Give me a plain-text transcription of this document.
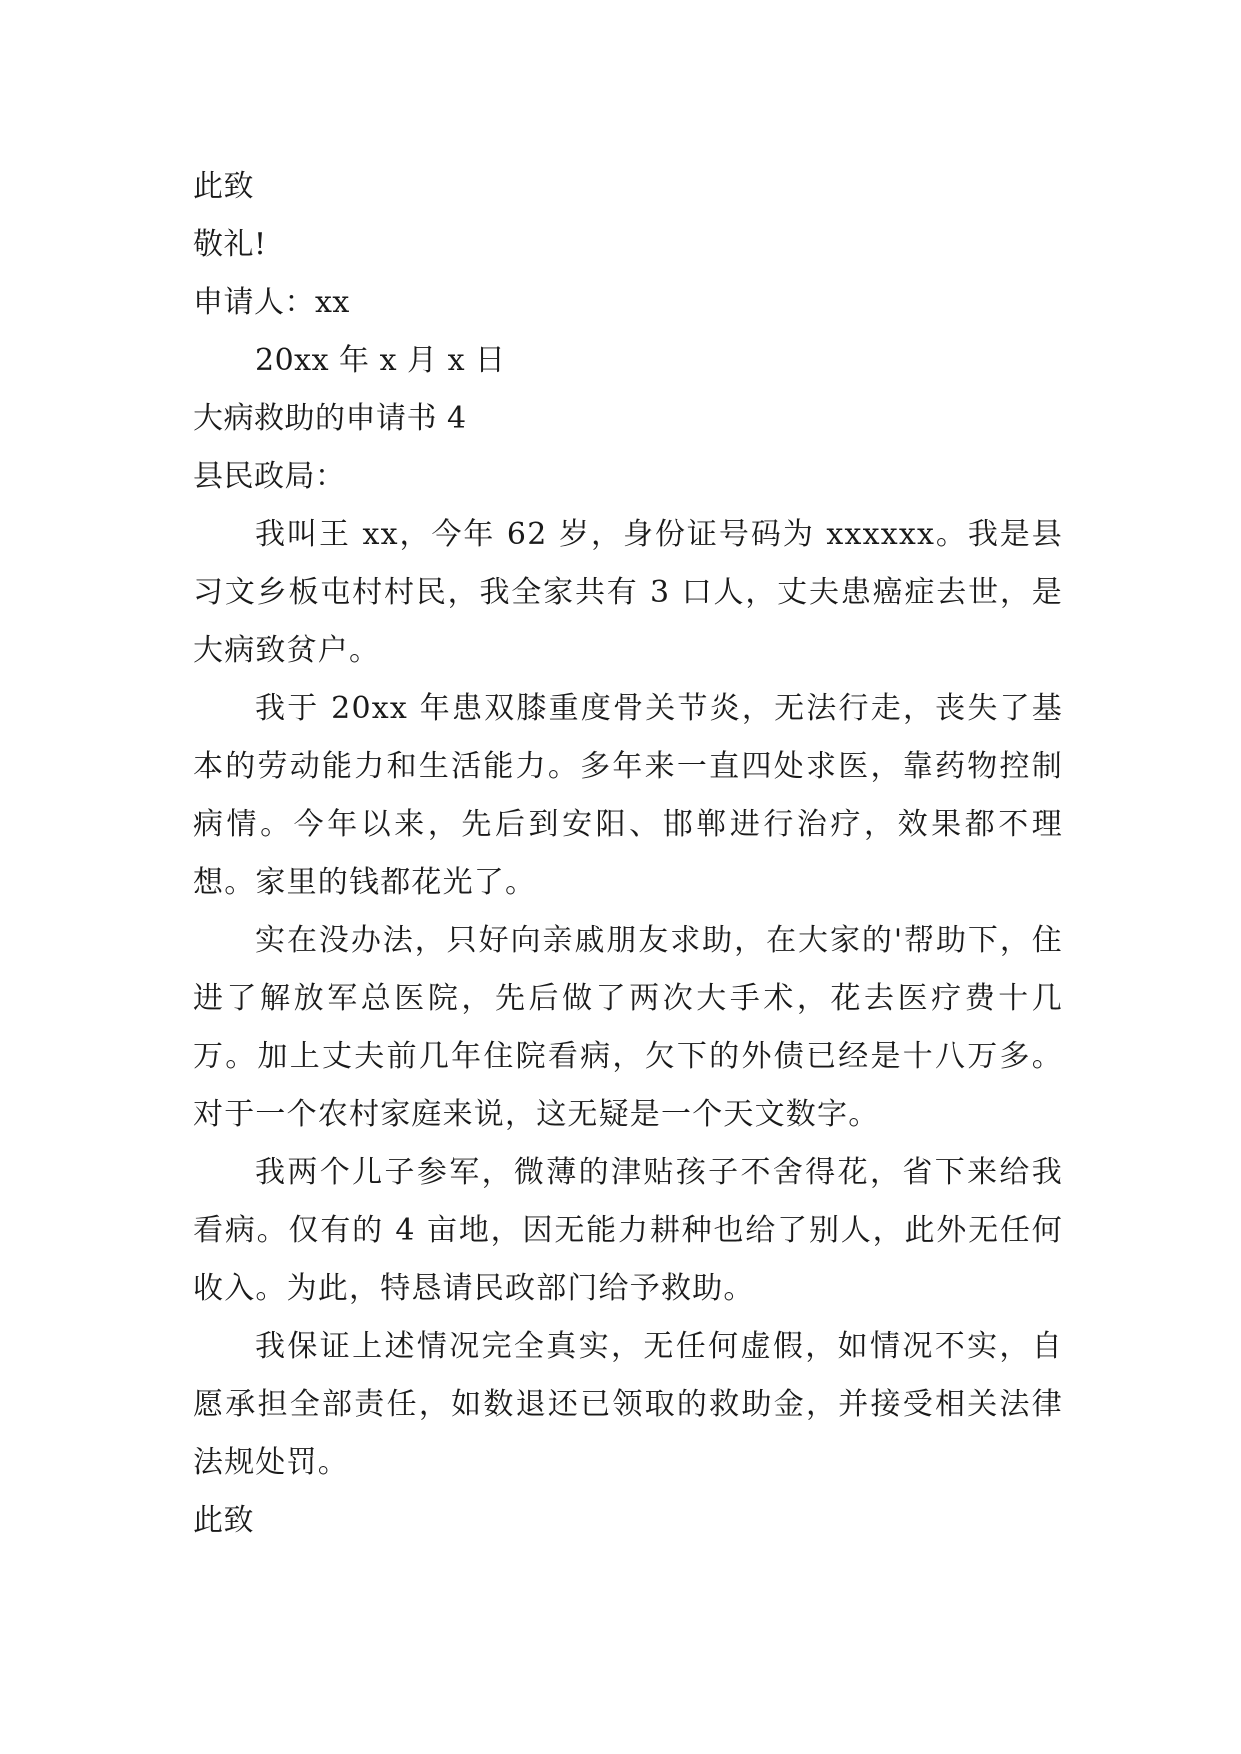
此致
敬礼!
申请人：xx
20xx 年 x 月 x 日
大病救助的申请书 4
县民政局：

我叫王 xx，今年 62 岁，身份证号码为 xxxxxx。我是县习文乡板屯村村民，我全家共有 3 口人，丈夫患癌症去世，是大病致贫户。

我于 20xx 年患双膝重度骨关节炎，无法行走，丧失了基本的劳动能力和生活能力。多年来一直四处求医，靠药物控制病情。今年以来，先后到安阳、邯郸进行治疗，效果都不理想。家里的钱都花光了。

实在没办法，只好向亲戚朋友求助，在大家的'帮助下，住进了解放军总医院，先后做了两次大手术，花去医疗费十几万。加上丈夫前几年住院看病，欠下的外债已经是十八万多。对于一个农村家庭来说，这无疑是一个天文数字。

我两个儿子参军，微薄的津贴孩子不舍得花，省下来给我看病。仅有的 4 亩地，因无能力耕种也给了别人，此外无任何收入。为此，特恳请民政部门给予救助。

我保证上述情况完全真实，无任何虚假，如情况不实，自愿承担全部责任，如数退还已领取的救助金，并接受相关法律法规处罚。

此致
